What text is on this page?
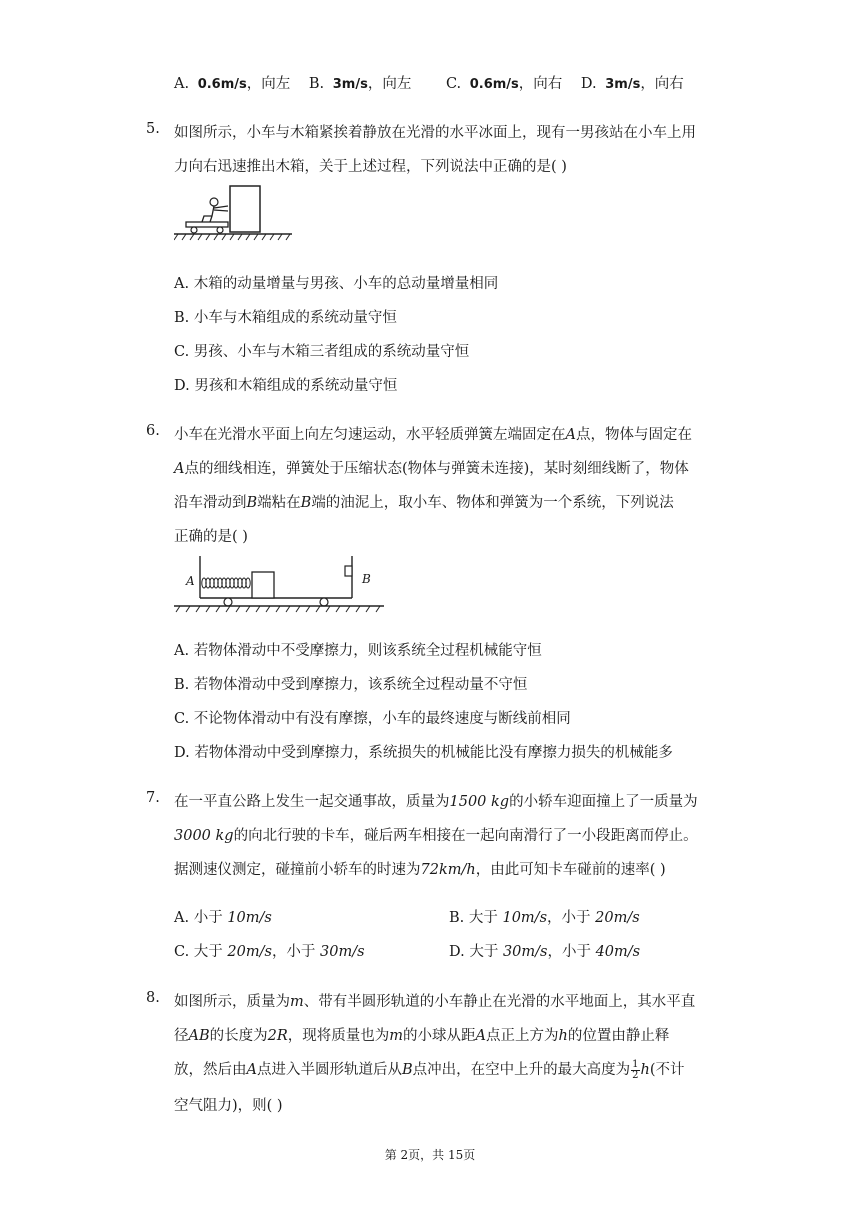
A. 0.6m/s，向左 B. 3m/s，向左 C. 0.6m/s，向右 D. 3m/s，向右
5. 如图所示，小车与木箱紧挨着静放在光滑的水平冰面上，现有一男孩站在小车上用
力向右迅速推出木箱，关于上述过程，下列说法中正确的是( )
A. 木箱的动量增量与男孩、小车的总动量增量相同
B. 小车与木箱组成的系统动量守恒
C. 男孩、小车与木箱三者组成的系统动量守恒
D. 男孩和木箱组成的系统动量守恒
6. 小车在光滑水平面上向左匀速运动，水平轻质弹簧左端固定在A点，物体与固定在
A点的细线相连，弹簧处于压缩状态(物体与弹簧未连接)，某时刻细线断了，物体
沿车滑动到B端粘在B端的油泥上，取小车、物体和弹簧为一个系统，下列说法
正确的是( )
A	B
A. 若物体滑动中不受摩擦力，则该系统全过程机械能守恒
B. 若物体滑动中受到摩擦力，该系统全过程动量不守恒
C. 不论物体滑动中有没有摩擦，小车的最终速度与断线前相同
D. 若物体滑动中受到摩擦力，系统损失的机械能比没有摩擦力损失的机械能多
7. 在一平直公路上发生一起交通事故，质量为1500 kg的小轿车迎面撞上了一质量为
3000 kg的向北行驶的卡车，碰后两车相接在一起向南滑行了一小段距离而停止。
据测速仪测定，碰撞前小轿车的时速为72km/h，由此可知卡车碰前的速率( )
A. 小于 10m/s	B. 大于 10m/s，小于 20m/s
C. 大于 20m/s，小于 30m/s	D. 大于 30m/s，小于 40m/s
8. 如图所示，质量为m、带有半圆形轨道的小车静止在光滑的水平地面上，其水平直
径AB的长度为2R，现将质量也为m的小球从距A点正上方为h的位置由静止释
放，然后由A点进入半圆形轨道后从B点冲出，在空中上升的最大高度为 $\frac{1}{2} h$(不计
空气阻力)，则( )
第 2页，共 15页
